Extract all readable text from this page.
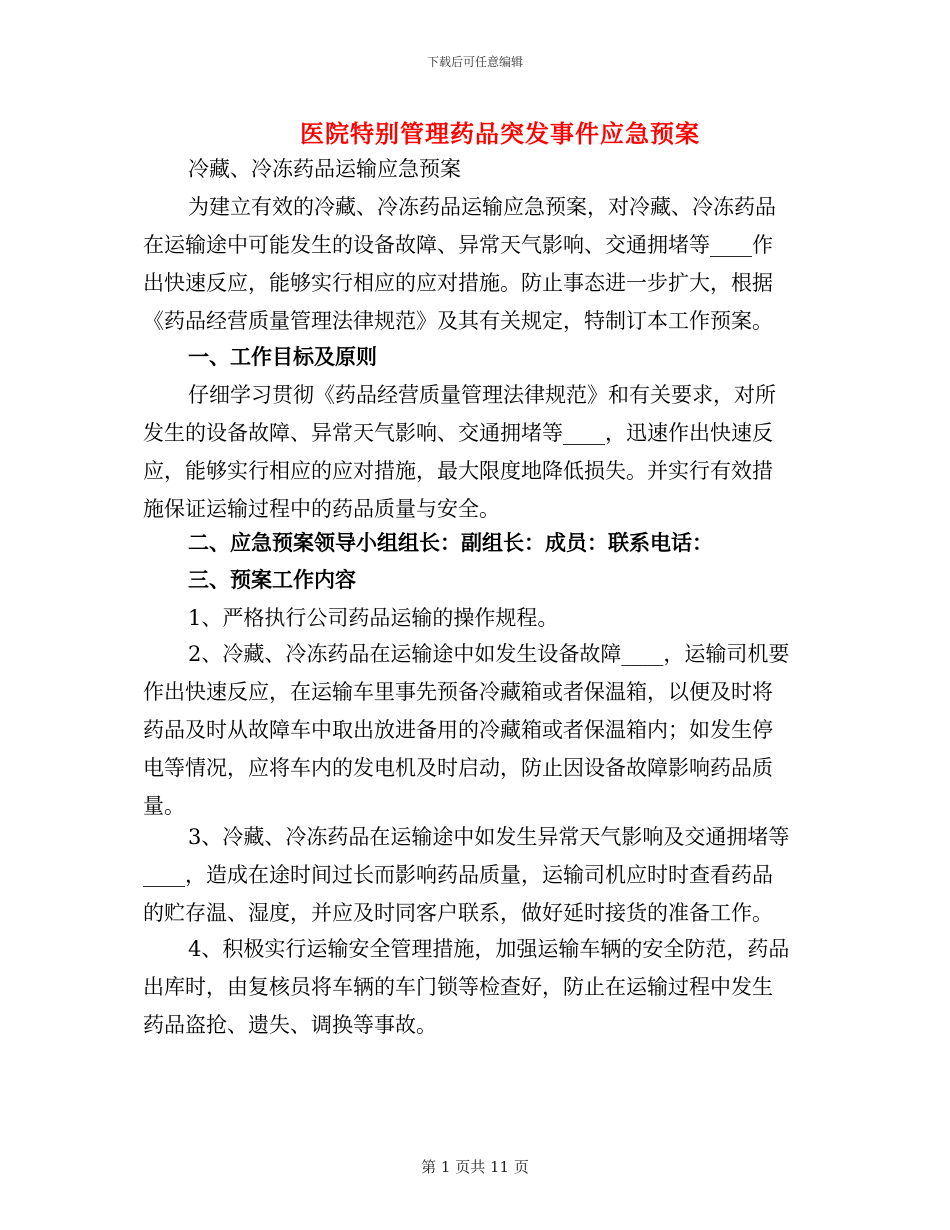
下载后可任意编辑
医院特别管理药品突发事件应急预案
冷藏、冷冻药品运输应急预案
为建立有效的冷藏、冷冻药品运输应急预案，对冷藏、冷冻药品
在运输途中可能发生的设备故障、异常天气影响、交通拥堵等____作
出快速反应，能够实行相应的应对措施。防止事态进一步扩大，根据
《药品经营质量管理法律规范》及其有关规定，特制订本工作预案。
一、工作目标及原则
仔细学习贯彻《药品经营质量管理法律规范》和有关要求，对所
发生的设备故障、异常天气影响、交通拥堵等____，迅速作出快速反
应，能够实行相应的应对措施，最大限度地降低损失。并实行有效措
施保证运输过程中的药品质量与安全。
二、应急预案领导小组组长：副组长：成员：联系电话：
三、预案工作内容
1、严格执行公司药品运输的操作规程。
2、冷藏、冷冻药品在运输途中如发生设备故障____，运输司机要
作出快速反应，在运输车里事先预备冷藏箱或者保温箱，以便及时将
药品及时从故障车中取出放进备用的冷藏箱或者保温箱内；如发生停
电等情况，应将车内的发电机及时启动，防止因设备故障影响药品质
量。
3、冷藏、冷冻药品在运输途中如发生异常天气影响及交通拥堵等
____，造成在途时间过长而影响药品质量，运输司机应时时查看药品
的贮存温、湿度，并应及时同客户联系，做好延时接货的准备工作。
4、积极实行运输安全管理措施，加强运输车辆的安全防范，药品
出库时，由复核员将车辆的车门锁等检查好，防止在运输过程中发生
药品盗抢、遗失、调换等事故。
第 1 页共 11 页
